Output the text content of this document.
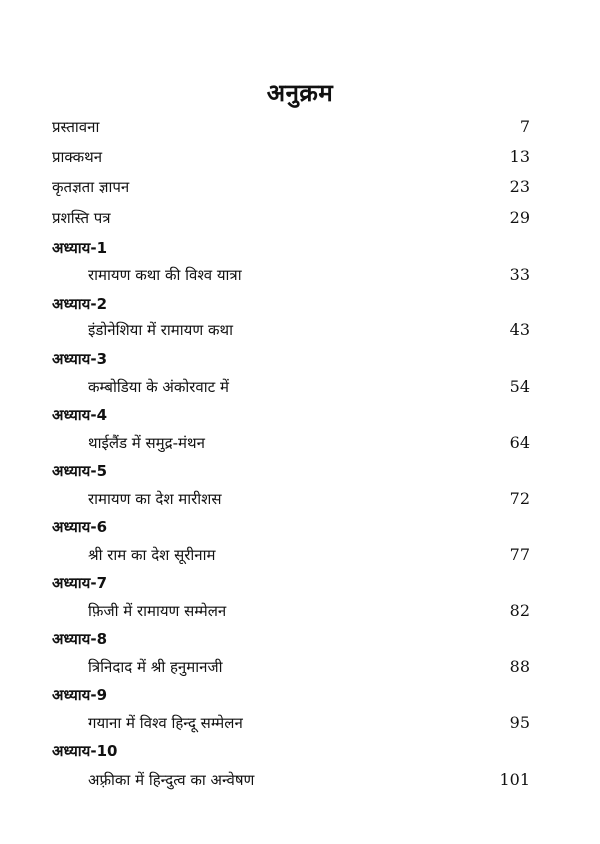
अनुक्रम
प्रस्तावना	7
प्राक्कथन	13
कृतज्ञता ज्ञापन	23
प्रशस्ति पत्र	29
अध्याय-1
रामायण कथा की विश्व यात्रा	33
अध्याय-2
इंडोनेशिया में रामायण कथा	43
अध्याय-3
कम्बोडिया के अंकोरवाट में	54
अध्याय-4
थाईलैंड में समुद्र-मंथन	64
अध्याय-5
रामायण का देश मारीशस	72
अध्याय-6
श्री राम का देश सूरीनाम	77
अध्याय-7
फ़िजी में रामायण सम्मेलन	82
अध्याय-8
त्रिनिदाद में श्री हनुमानजी	88
अध्याय-9
गयाना में विश्व हिन्दू सम्मेलन	95
अध्याय-10
अफ़्रीका में हिन्दुत्व का अन्वेषण	101
